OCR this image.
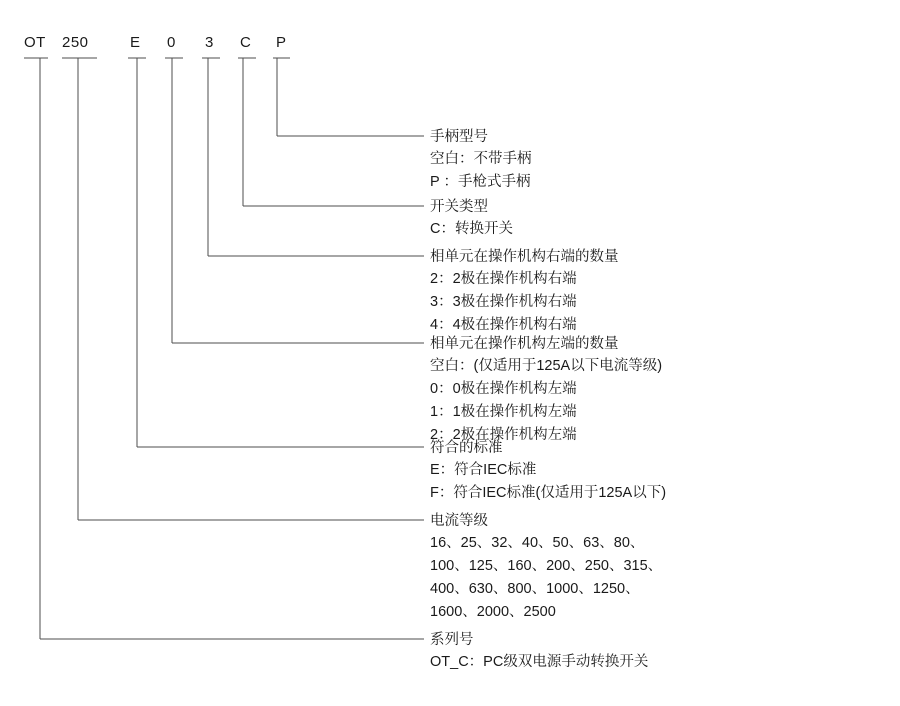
OT 250	E 0 3 C P
手柄型号
空白：不带手柄
P ：手枪式手柄
开关类型
C：转换开关
相单元在操作机构右端的数量
2：2极在操作机构右端
3：3极在操作机构右端
4：4极在操作机构右端
相单元在操作机构左端的数量
空白：(仅适用于125A以下电流等级)
0：0极在操作机构左端
1：1极在操作机构左端
2：2极在操作机构左端
符合的标准
E：符合IEC标准
F：符合IEC标准(仅适用于125A以下)
电流等级
16、25、32、40、50、63、80、
100、125、160、200、250、315、
400、630、800、1000、1250、
1600、2000、2500
系列号
OT_C：PC级双电源手动转换开关
